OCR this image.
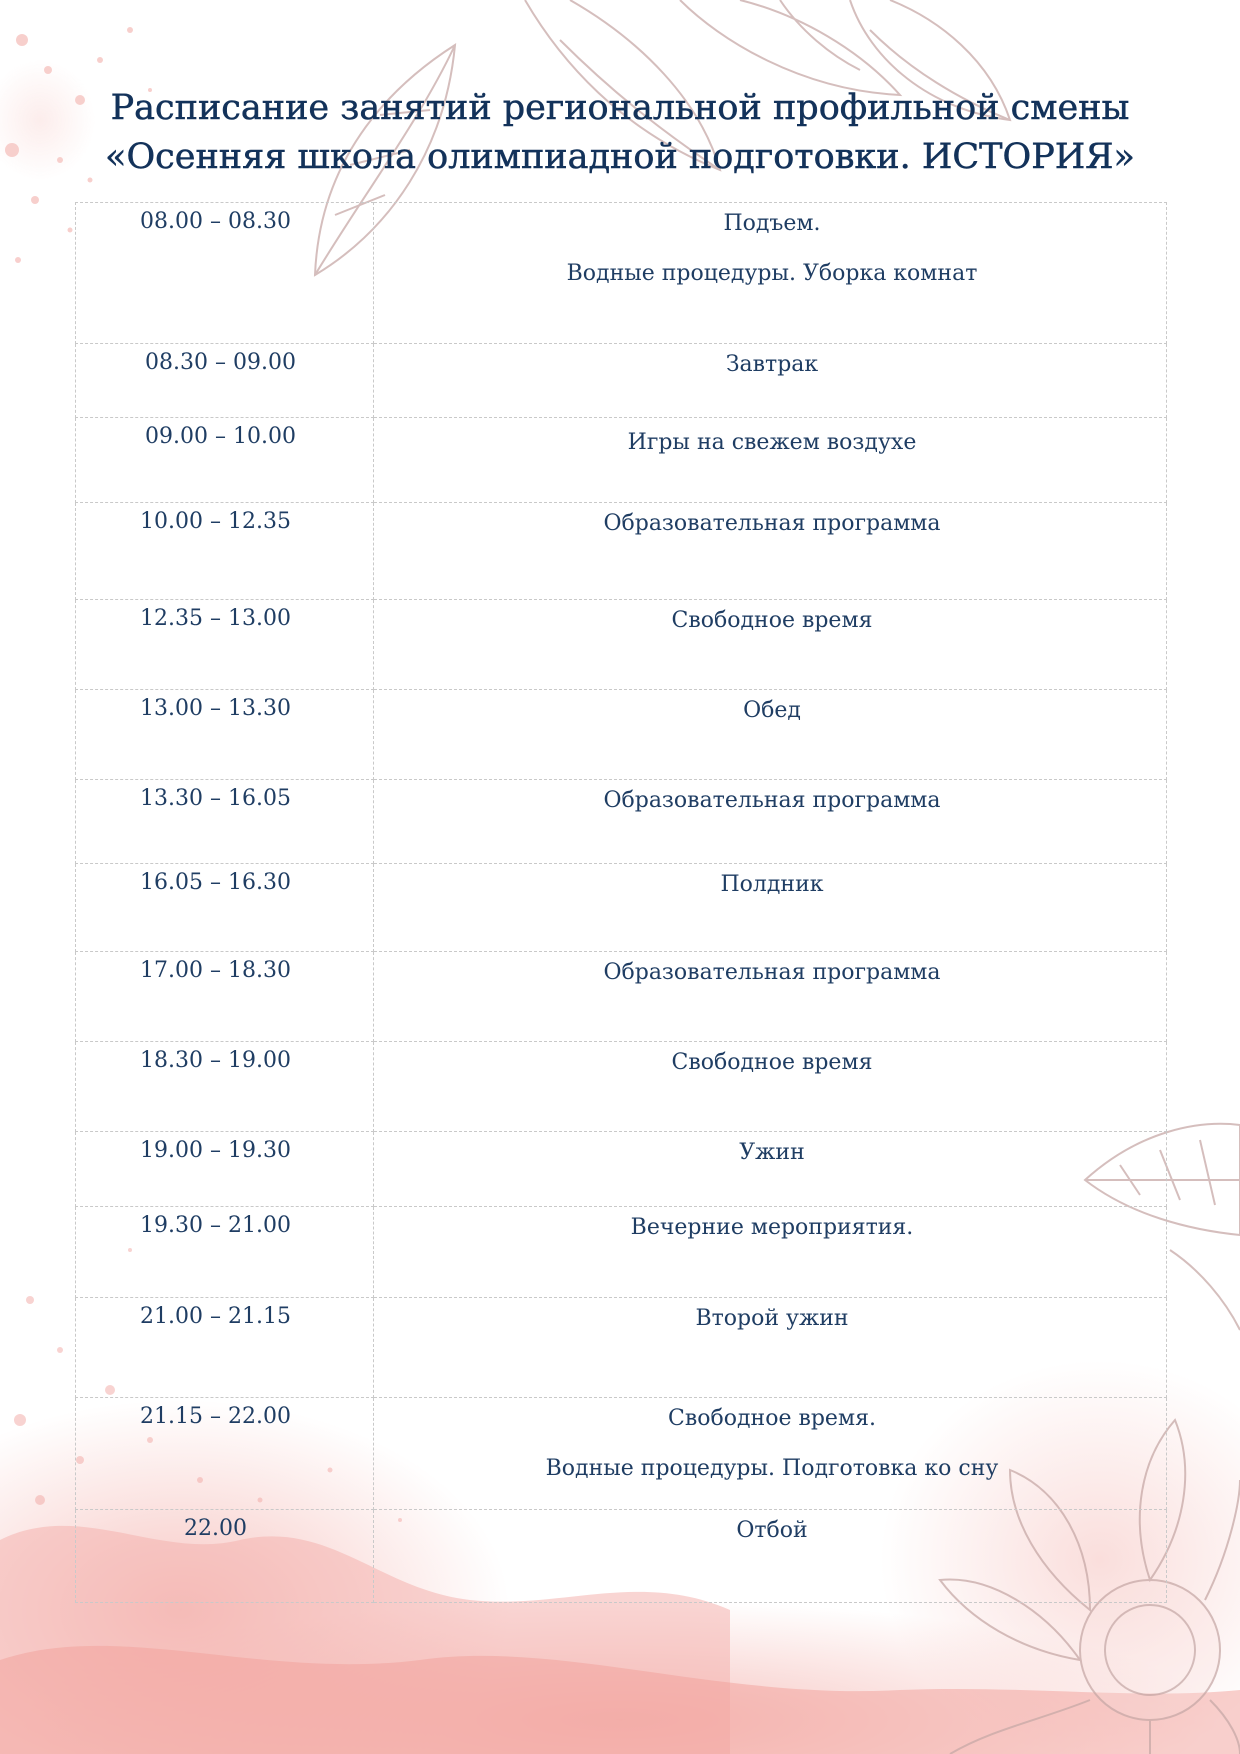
Расписание занятий региональной профильной смены
«Осенняя школа олимпиадной подготовки. ИСТОРИЯ»
08.00 – 08.30	Подъем.
Водные процедуры. Уборка комнат

08.30 – 09.00	Завтрак

09.00 – 10.00	Игры на свежем воздухе

10.00 – 12.35	Образовательная программа

12.35 – 13.00	Свободное время

13.00 – 13.30	Обед

13.30 – 16.05	Образовательная программа

16.05 – 16.30	Полдник

17.00 – 18.30	Образовательная программа

18.30 – 19.00	Свободное время

19.00 – 19.30	Ужин

19.30 – 21.00	Вечерние мероприятия.

21.00 – 21.15	Второй ужин

21.15 – 22.00	Свободное время.
Водные процедуры. Подготовка ко сну

22.00	Отбой
